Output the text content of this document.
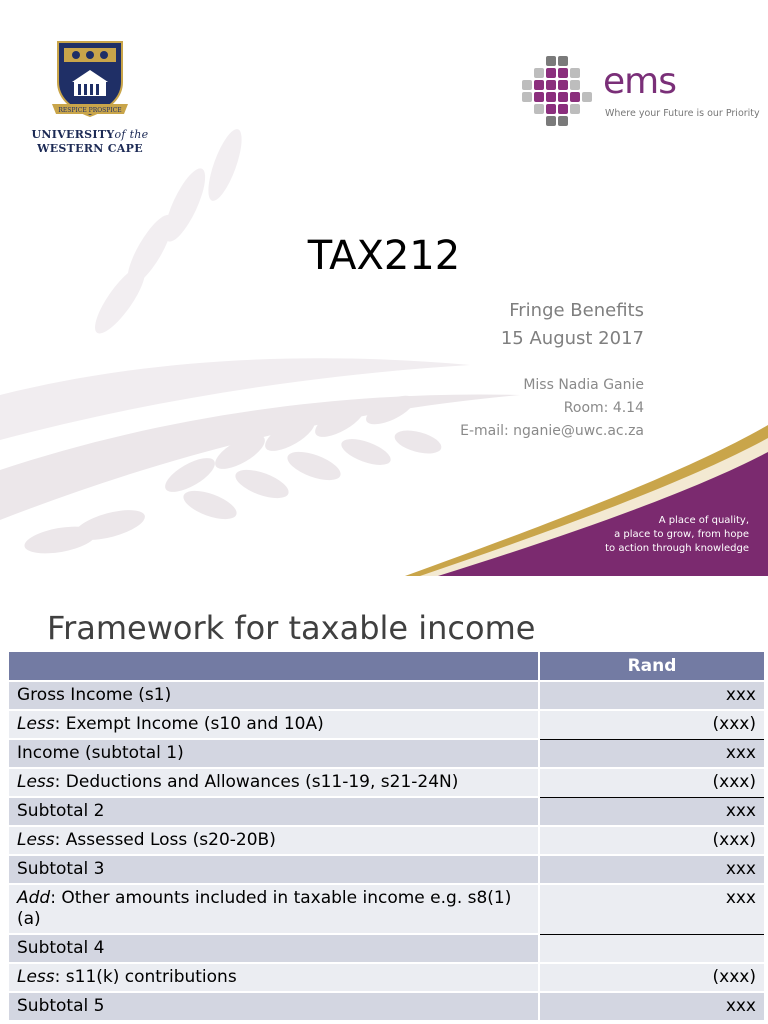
RESPICE PROSPICE
UNIVERSITYof the
WESTERN CAPE
ems
Where your Future is our Priority
TAX212
Fringe Benefits
15 August 2017
Miss Nadia Ganie
Room: 4.14
E-mail: nganie@uwc.ac.za
A place of quality,
a place to grow, from hope
to action through knowledge
Framework for taxable income
	Rand
Gross Income (s1)	xxx
Less: Exempt Income (s10 and 10A)	(xxx)
Income (subtotal 1)	xxx
Less: Deductions and Allowances (s11-19, s21-24N)	(xxx)
Subtotal 2	xxx
Less: Assessed Loss (s20-20B)	(xxx)
Subtotal 3	xxx
Add: Other amounts included in taxable income e.g. s8(1)(a)	xxx
Subtotal 4	
Less: s11(k) contributions	(xxx)
Subtotal 5	xxx
